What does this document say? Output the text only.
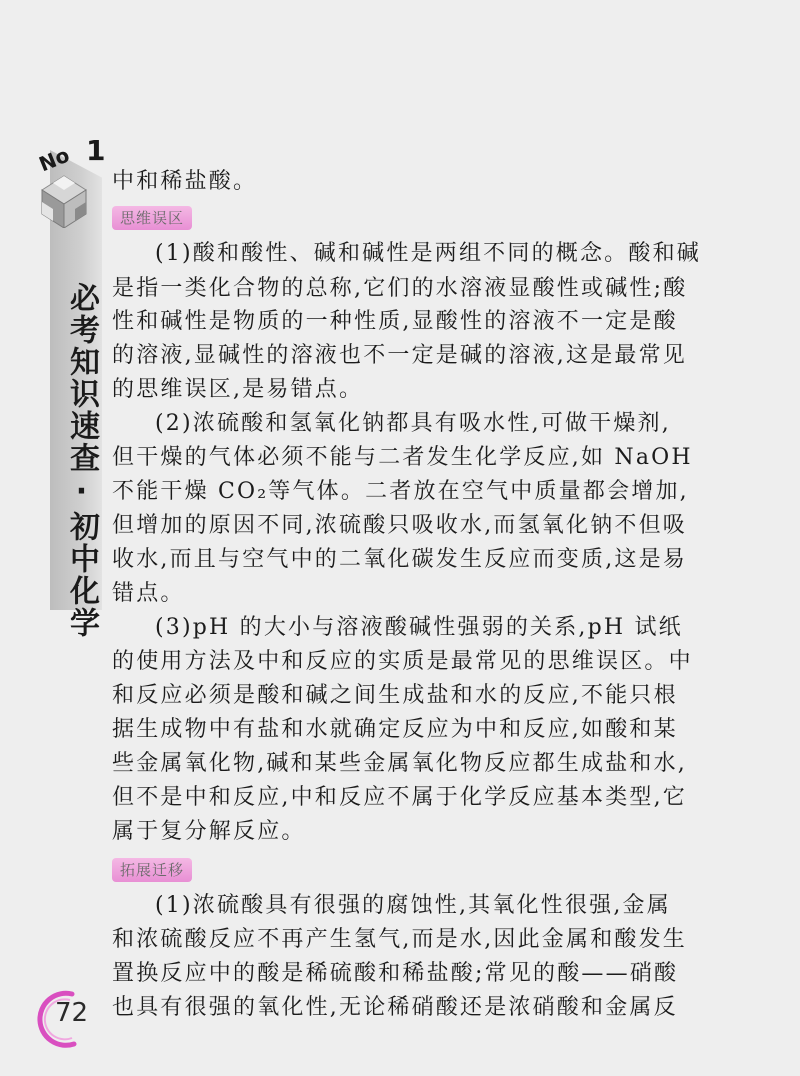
No 1
必考知识速查·初中化学
思维误区
拓展迁移
中和稀盐酸。
(1)酸和酸性、碱和碱性是两组不同的概念。酸和碱
是指一类化合物的总称,它们的水溶液显酸性或碱性;酸
性和碱性是物质的一种性质,显酸性的溶液不一定是酸
的溶液,显碱性的溶液也不一定是碱的溶液,这是最常见
的思维误区,是易错点。
(2)浓硫酸和氢氧化钠都具有吸水性,可做干燥剂,
但干燥的气体必须不能与二者发生化学反应,如 NaOH
不能干燥 CO₂等气体。二者放在空气中质量都会增加,
但增加的原因不同,浓硫酸只吸收水,而氢氧化钠不但吸
收水,而且与空气中的二氧化碳发生反应而变质,这是易
错点。
(3)pH 的大小与溶液酸碱性强弱的关系,pH 试纸
的使用方法及中和反应的实质是最常见的思维误区。中
和反应必须是酸和碱之间生成盐和水的反应,不能只根
据生成物中有盐和水就确定反应为中和反应,如酸和某
些金属氧化物,碱和某些金属氧化物反应都生成盐和水,
但不是中和反应,中和反应不属于化学反应基本类型,它
属于复分解反应。
(1)浓硫酸具有很强的腐蚀性,其氧化性很强,金属
和浓硫酸反应不再产生氢气,而是水,因此金属和酸发生
置换反应中的酸是稀硫酸和稀盐酸;常见的酸——硝酸
也具有很强的氧化性,无论稀硝酸还是浓硝酸和金属反
72
